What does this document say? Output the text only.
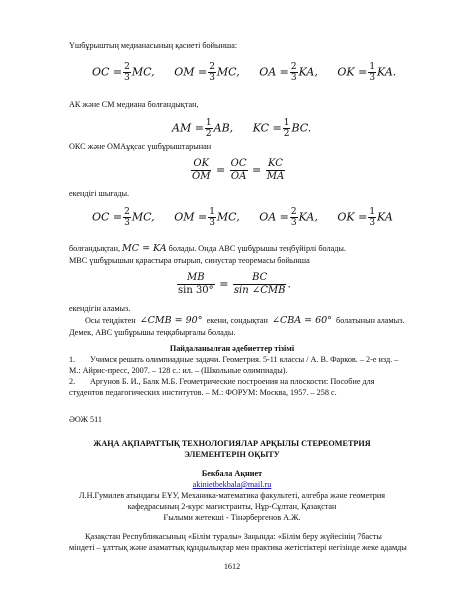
Үшбұрыштың медианасының қасиеті бойынша:
OC = $\frac{2}{3}$ MC, OM = $\frac{2}{3}$ MC, OA = $\frac{2}{3}$ KA, OK = $\frac{1}{3}$ KA.
АК және СМ медиана болғандықтан,
AM = $\frac{1}{2}$ AB, KC = $\frac{1}{2}$ BC.
ОКС және ОМАұқсас үшбұрыштарынан
$\frac{OK}{OM} = \frac{OC}{OA} = \frac{KC}{MA}$
екендігі шығады.
OC = $\frac{2}{3}$ MC, OM = $\frac{1}{3}$ MC, OA = $\frac{2}{3}$ KA, OK = $\frac{1}{3}$ KA
болғандықтан, MC = KA болады. Онда АВС үшбұрышы теңбүйірлі болады.
MBC үшбұрышын қарастыра отырып, синустар теоремасы бойынша
$\frac{MB}{\sin 30^\circ} = \frac{BC}{\text{sin ∠CMB}}$ .
екендігін аламыз.
Осы теңдіктен ∠CMB = 90° екени, сондықтан ∠CBA = 60° болатынын аламыз.
Демек, АВС үшбұрышы теңқабырғалы болады.
Пайдаланылған әдебиеттер тізімі
1. Учимся решать олимпиадные задачи. Геометрия. 5-11 классы / А. В. Фарков. – 2-е изд. –
М.: Айрис-пресс, 2007. – 128 с.: ил. – (Школьные олимпиады).
2. Аргунов Б. И., Балк М.Б. Геометрические построения на плоскости: Пособие для
студентов педагогических институтов. – М.: ФОРУМ: Москва, 1957. – 258 с.
ӘОЖ 511
ЖАҢА АҚПАРАТТЫҚ ТЕХНОЛОГИЯЛАР АРҚЫЛЫ СТЕРЕОМЕТРИЯ
ЭЛЕМЕНТЕРІН ОҚЫТУ
Бекбала Ақниет
akinietbekbala@mail.ru
Л.Н.Гумилев атындағы ЕҰУ, Механика-математика факультеті, алгебра және геометрия
кафедрасының 2-курс магистранты, Нұр-Сұлтан, Қазақстан
Ғылыми жетекші - Тінәрбергенов А.Ж.
Қазақстан Республикасының «Білім туралы» Заңында: «Білім беру жүйесінің 7басты
міндеті – ұлттық және азаматтық құндылықтар мен практика жетістіктері негізінде жеке адамды
1612
